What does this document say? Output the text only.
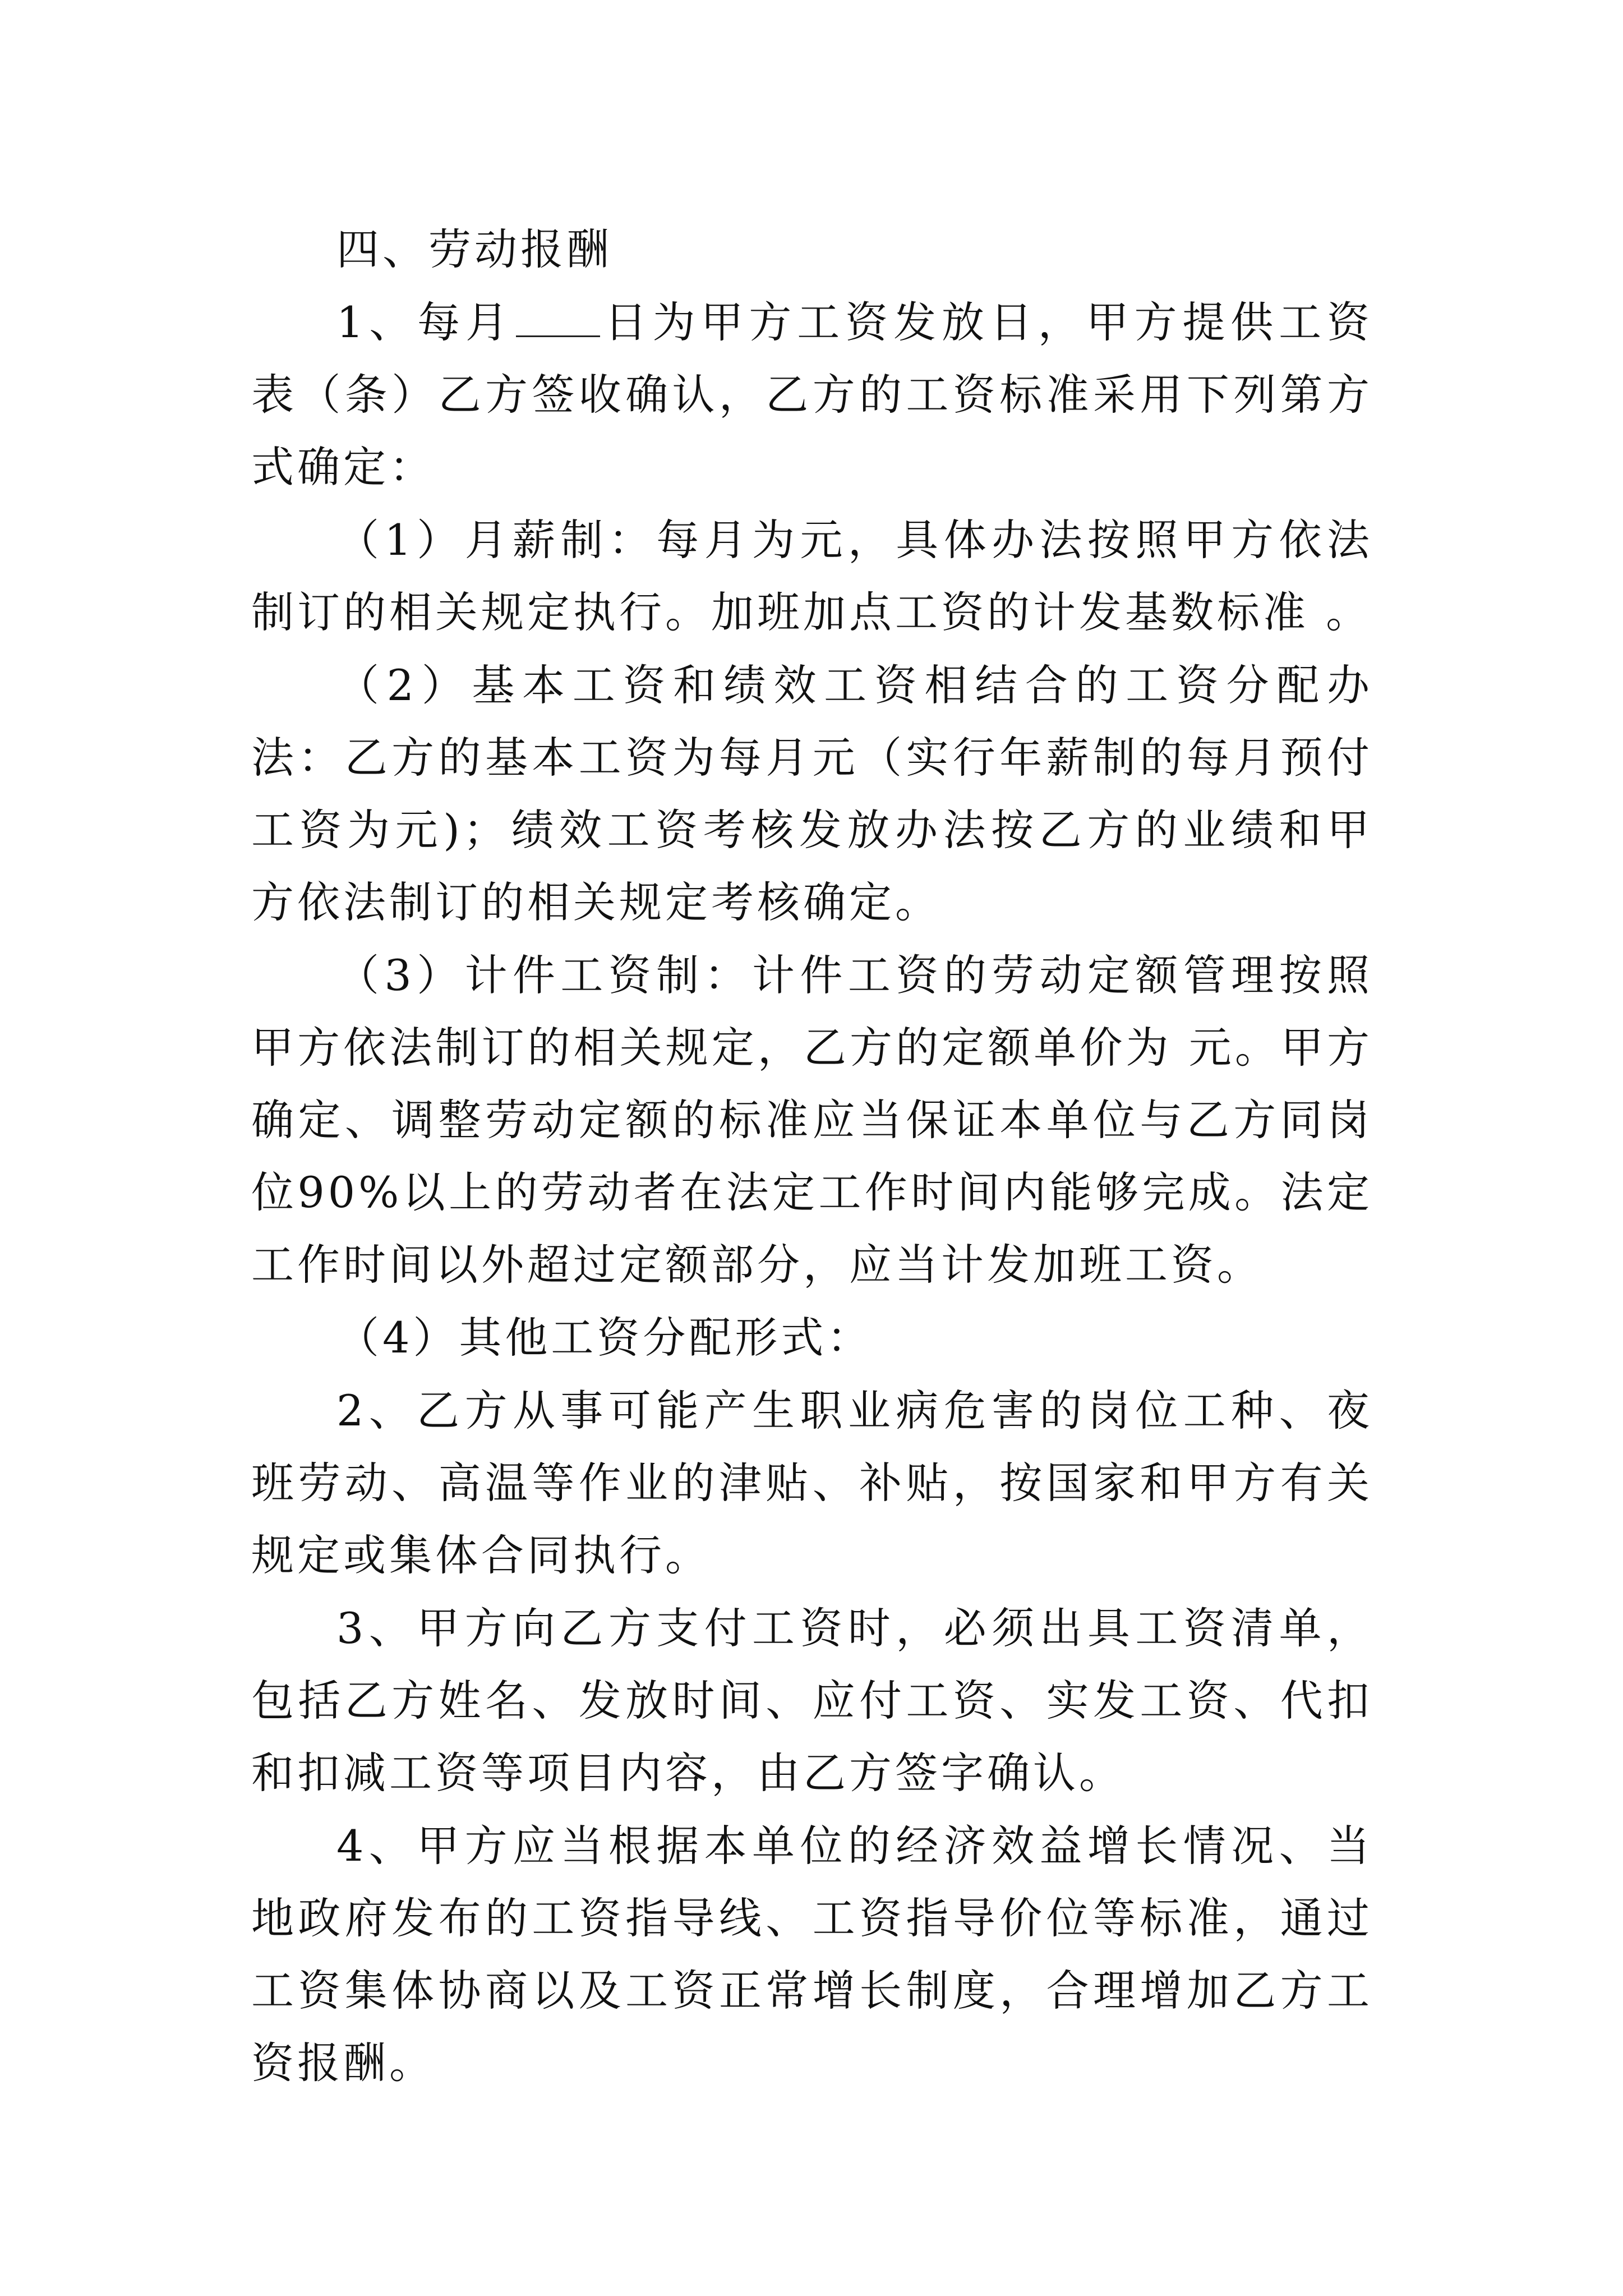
四、劳动报酬

1、每月 日为甲方工资发放日，甲方提供工资表（条）乙方签收确认，乙方的工资标准采用下列第方式确定：

（1）月薪制：每月为元，具体办法按照甲方依法制订的相关规定执行。加班加点工资的计发基数标准 。

（2）基本工资和绩效工资相结合的工资分配办法：乙方的基本工资为每月元（实行年薪制的每月预付工资为元)；绩效工资考核发放办法按乙方的业绩和甲方依法制订的相关规定考核确定。

（3）计件工资制：计件工资的劳动定额管理按照甲方依法制订的相关规定，乙方的定额单价为 元。甲方确定、调整劳动定额的标准应当保证本单位与乙方同岗位90%以上的劳动者在法定工作时间内能够完成。法定工作时间以外超过定额部分，应当计发加班工资。

（4）其他工资分配形式：

2、乙方从事可能产生职业病危害的岗位工种、夜班劳动、高温等作业的津贴、补贴，按国家和甲方有关规定或集体合同执行。

3、甲方向乙方支付工资时，必须出具工资清单，包括乙方姓名、发放时间、应付工资、实发工资、代扣和扣减工资等项目内容，由乙方签字确认。

4、甲方应当根据本单位的经济效益增长情况、当地政府发布的工资指导线、工资指导价位等标准，通过工资集体协商以及工资正常增长制度，合理增加乙方工资报酬。
